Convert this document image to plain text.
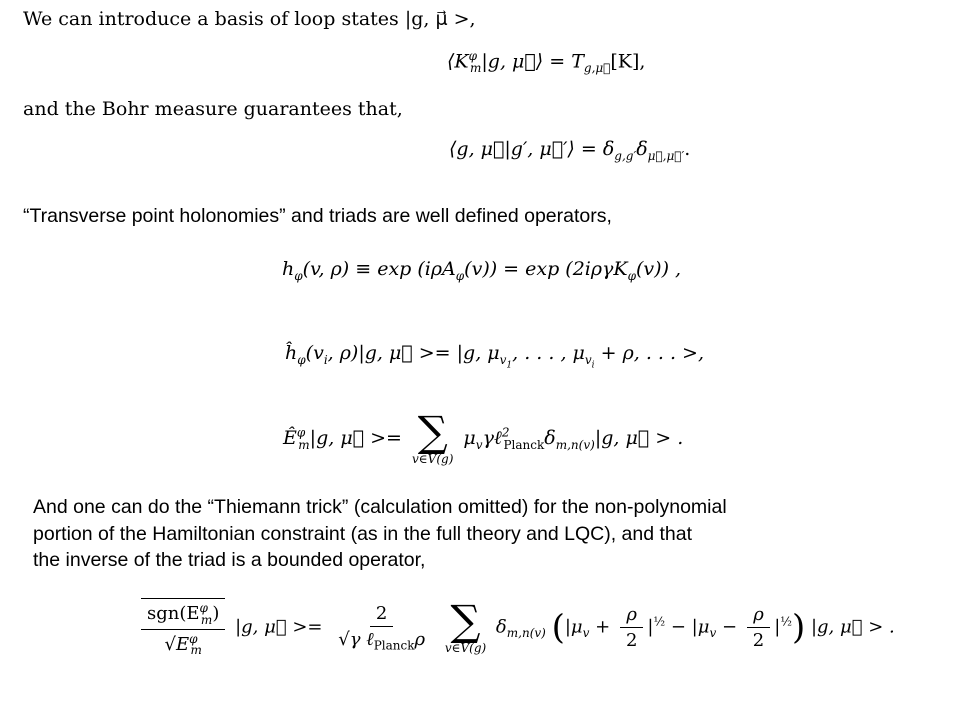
We can introduce a basis of loop states |g, μ⃗ >,
$⟨K^\varphi_m|g$, μ⃗⟩ = $T_{g,\mu⃗}[K]$,
and the Bohr measure guarantees that,
⟨g, μ⃗|g′, μ⃗′⟩ = $\delta_{g,g'}\delta_{\mu⃗,\mu⃗'}$.
“Transverse point holonomies” and triads are well defined operators,
$h_\varphi(v$, ρ) ≡ exp (iρA$_\varphi$(v)) = exp (2iργK$_\varphi$(v)) ,
$ĥ_\varphi(v_i$, ρ)|g, μ⃗ >= |g, $\mu_{v_1}$, . . . , $\mu_{v_i} + \rho$, . . . >,
$Ê^\varphi_m|g$, μ⃗ >= ∑
v∈V(g)
$\mu_v\gamma\ell^2_{Planck}\delta_{m,n(v)}|g$, μ⃗ > .
And one can do the “Thiemann trick” (calculation omitted) for the non-polynomial
portion of the Hamiltonian constraint (as in the full theory and LQC), and that
the inverse of the triad is a bounded operator,
$\frac{sgn(E^\varphi_m)}{√E^\varphi_m} |g$, μ⃗ >= $\frac{2}{√\gamma \ell_{Planck}\rho}$
∑
v∈V(g)
$\delta_{m,n(v)}$ $(|\mu_v + \frac{\rho}{2} |^{\frac{1}{2}} - |\mu_v - \frac{\rho}{2} |^{\frac{1}{2}})$ |g, μ⃗ > .
